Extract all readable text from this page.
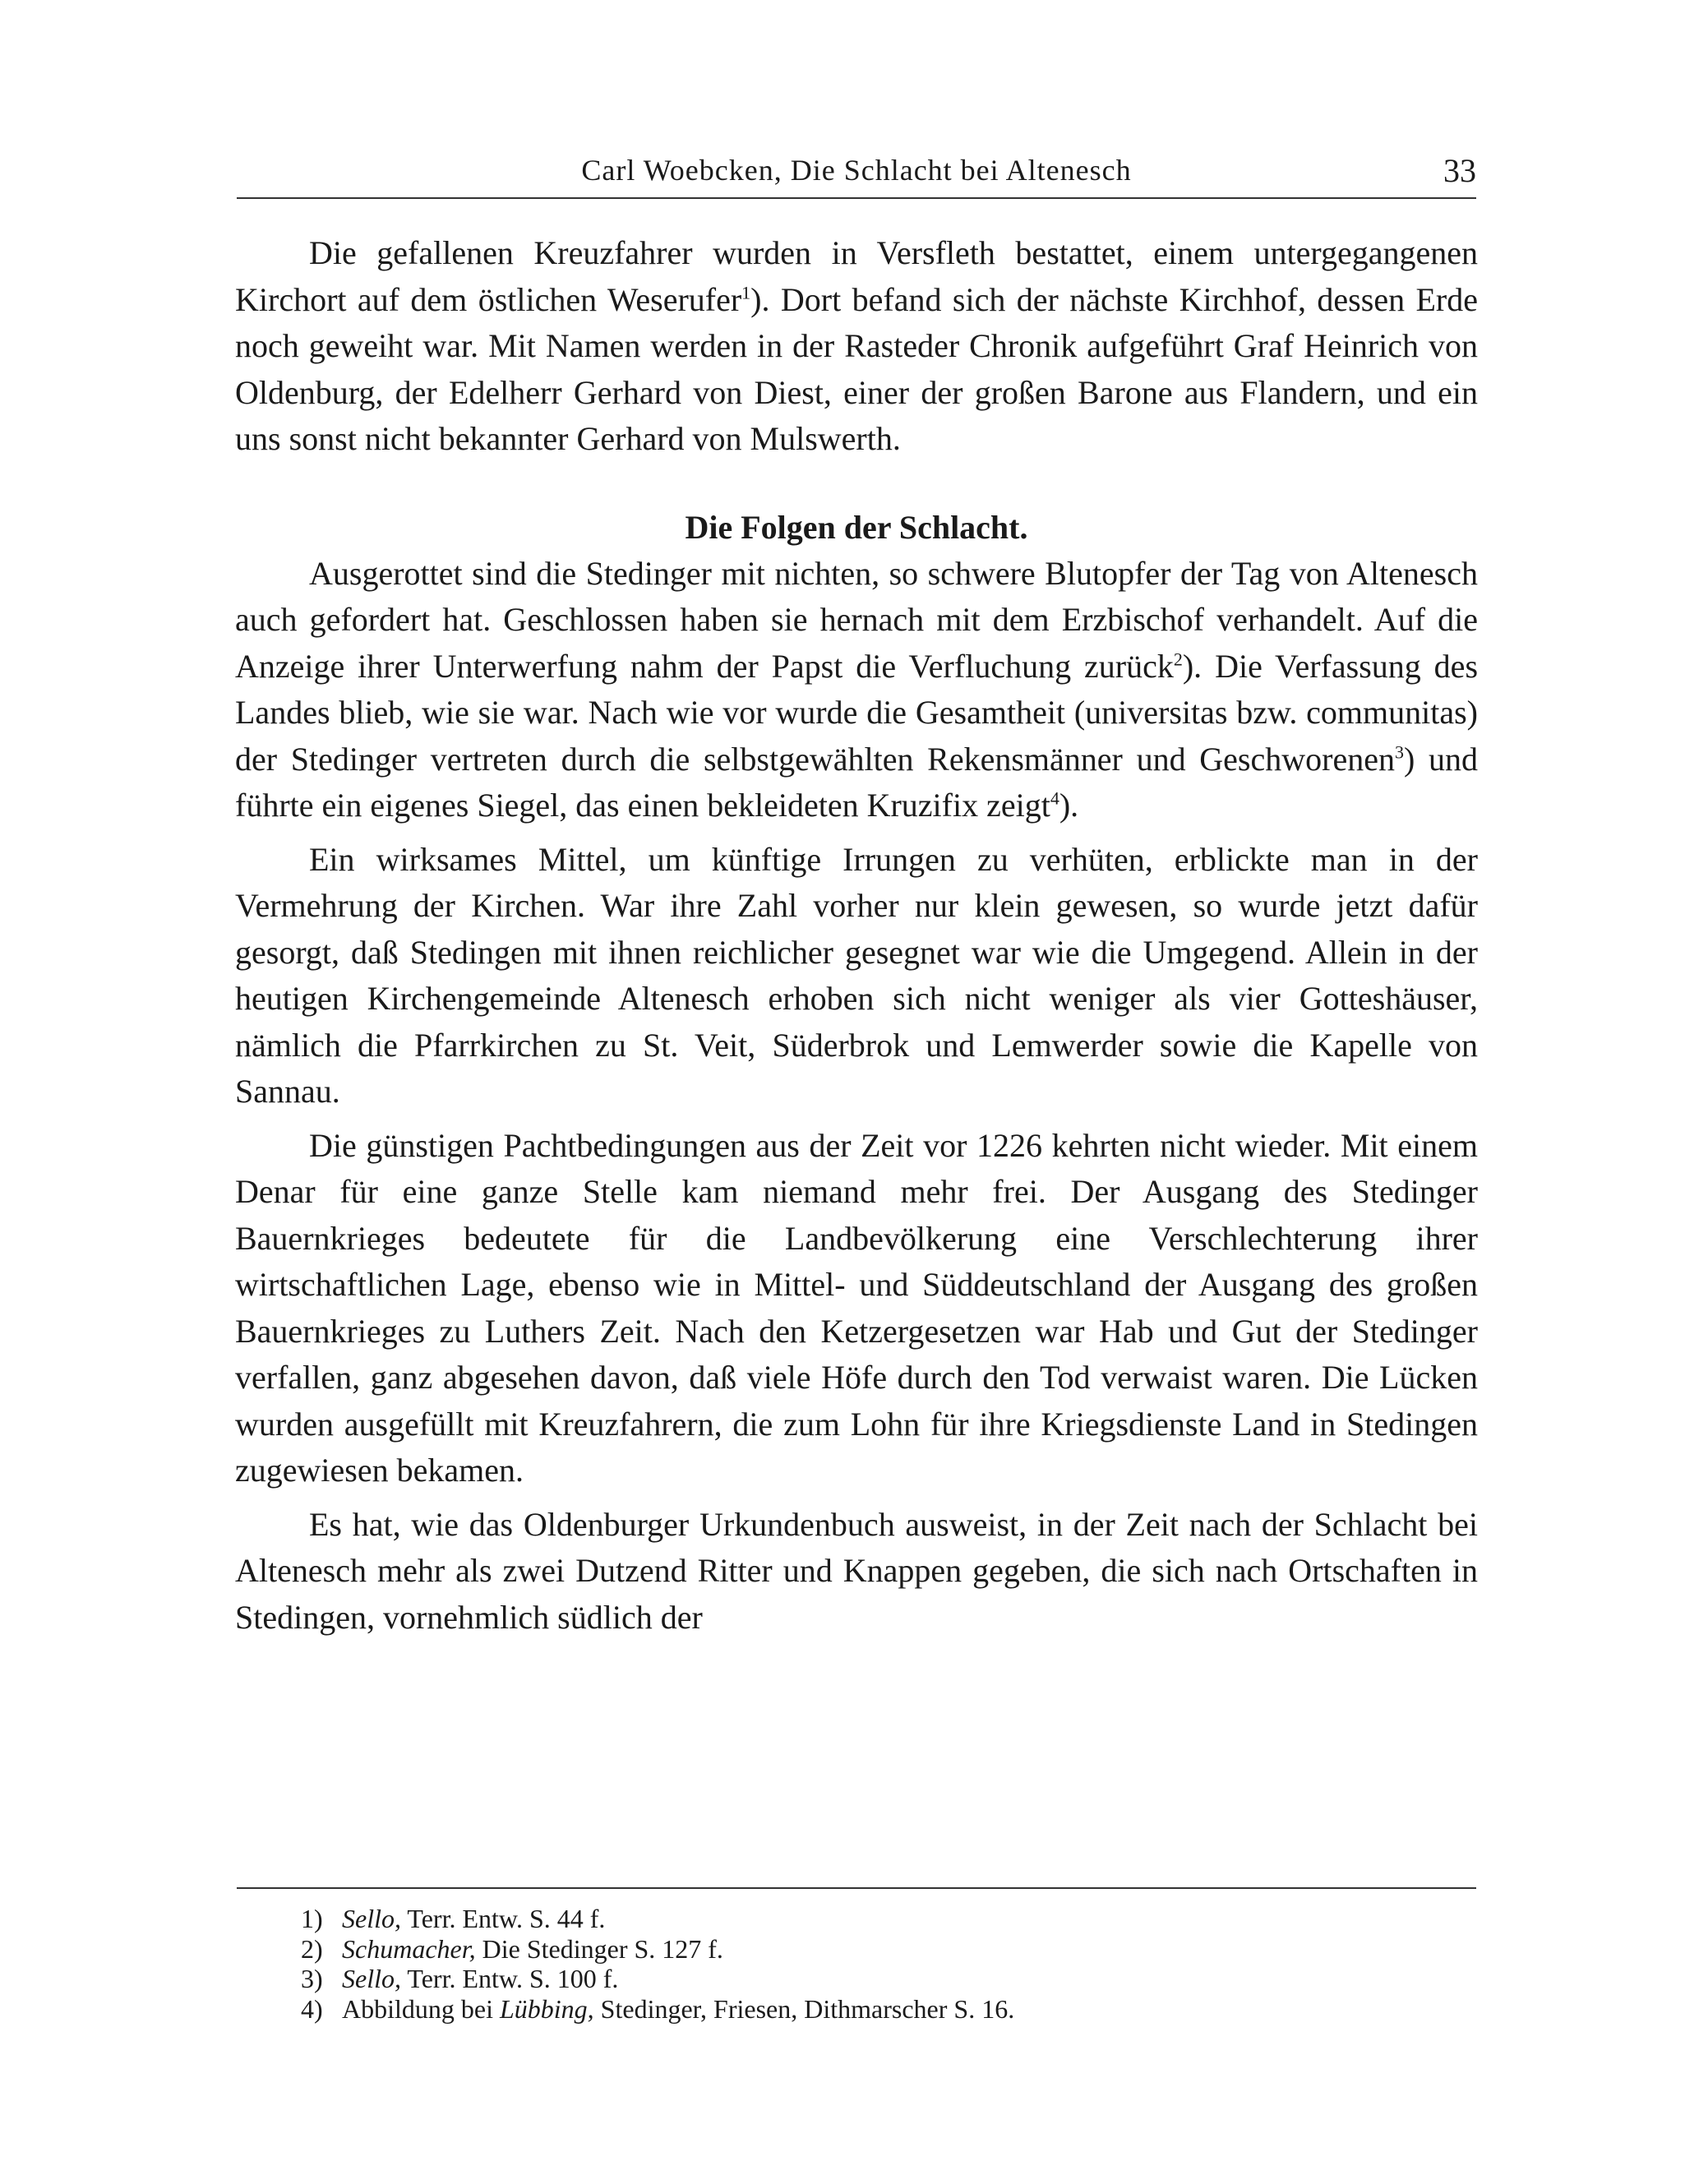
Carl Woebcken, Die Schlacht bei Altenesch	33

Die gefallenen Kreuzfahrer wurden in Versfleth bestattet, einem untergegangenen Kirchort auf dem östlichen Weserufer$^1$). Dort befand sich der nächste Kirchhof, dessen Erde noch geweiht war. Mit Namen werden in der Rasteder Chronik aufgeführt Graf Heinrich von Oldenburg, der Edelherr Gerhard von Diest, einer der großen Barone aus Flandern, und ein uns sonst nicht bekannter Gerhard von Mulswerth.

Die Folgen der Schlacht.

Ausgerottet sind die Stedinger mit nichten, so schwere Blutopfer der Tag von Altenesch auch gefordert hat. Geschlossen haben sie hernach mit dem Erzbischof verhandelt. Auf die Anzeige ihrer Unterwerfung nahm der Papst die Verfluchung zurück$^2$). Die Verfassung des Landes blieb, wie sie war. Nach wie vor wurde die Gesamtheit (universitas bzw. communitas) der Stedinger vertreten durch die selbstgewählten Rekensmänner und Geschworenen$^3$) und führte ein eigenes Siegel, das einen bekleideten Kruzifix zeigt$^4$).

Ein wirksames Mittel, um künftige Irrungen zu verhüten, erblickte man in der Vermehrung der Kirchen. War ihre Zahl vorher nur klein gewesen, so wurde jetzt dafür gesorgt, daß Stedingen mit ihnen reichlicher gesegnet war wie die Umgegend. Allein in der heutigen Kirchengemeinde Altenesch erhoben sich nicht weniger als vier Gotteshäuser, nämlich die Pfarrkirchen zu St. Veit, Süderbrok und Lemwerder sowie die Kapelle von Sannau.

Die günstigen Pachtbedingungen aus der Zeit vor 1226 kehrten nicht wieder. Mit einem Denar für eine ganze Stelle kam niemand mehr frei. Der Ausgang des Stedinger Bauernkrieges bedeutete für die Landbevölkerung eine Verschlechterung ihrer wirtschaftlichen Lage, ebenso wie in Mittel- und Süddeutschland der Ausgang des großen Bauernkrieges zu Luthers Zeit. Nach den Ketzergesetzen war Hab und Gut der Stedinger verfallen, ganz abgesehen davon, daß viele Höfe durch den Tod verwaist waren. Die Lücken wurden ausgefüllt mit Kreuzfahrern, die zum Lohn für ihre Kriegsdienste Land in Stedingen zugewiesen bekamen.

Es hat, wie das Oldenburger Urkundenbuch ausweist, in der Zeit nach der Schlacht bei Altenesch mehr als zwei Dutzend Ritter und Knappen gegeben, die sich nach Ortschaften in Stedingen, vornehmlich südlich der

1) Sello, Terr. Entw. S. 44 f.
2) Schumacher, Die Stedinger S. 127 f.
3) Sello, Terr. Entw. S. 100 f.
4) Abbildung bei Lübbing, Stedinger, Friesen, Dithmarscher S. 16.
